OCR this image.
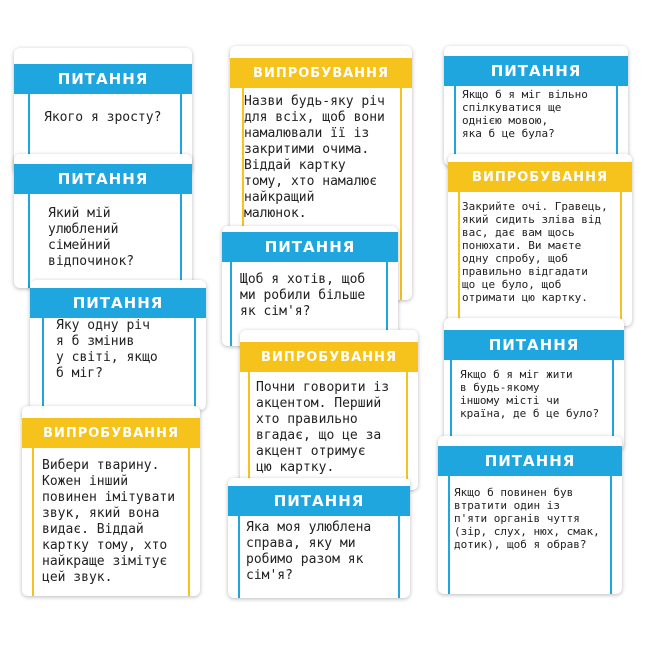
ПИТАННЯ
Якого я зросту?
ПИТАННЯ
Який мій
улюблений
сімейний
відпочинок?
ПИТАННЯ
Яку одну річ
я б змінив
у світі, якщо
б міг?
ВИПРОБУВАННЯ
Вибери тварину.
Кожен інший
повинен імітувати
звук, який вона
видає. Віддай
картку тому, хто
найкраще зімітує
цей звук.
ВИПРОБУВАННЯ
Назви будь-яку річ
для всіх, щоб вони
намалювали її із
закритими очима.
Віддай картку
тому, хто намалює
найкращий
малюнок.
ПИТАННЯ
Щоб я хотів, щоб
ми робили більше
як сім'я?
ВИПРОБУВАННЯ
Почни говорити із
акцентом. Перший
хто правильно
вгадає, що це за
акцент отримує
цю картку.
ПИТАННЯ
Яка моя улюблена
справа, яку ми
робимо разом як
сім'я?
ПИТАННЯ
Якщо б я міг вільно
спілкуватися ще
однією мовою,
яка б це була?
ВИПРОБУВАННЯ
Закрийте очі. Гравець,
який сидить зліва від
вас, дає вам щось
понюхати. Ви маєте
одну спробу, щоб
правильно відгадати
що це було, щоб
отримати цю картку.
ПИТАННЯ
Якщо б я міг жити
в будь-якому
іншому місті чи
країна, де б це було?
ПИТАННЯ
Якщо б повинен був
втратити один із
п'яти органів чуття
(зір, слух, нюх, смак,
дотик), щоб я обрав?
